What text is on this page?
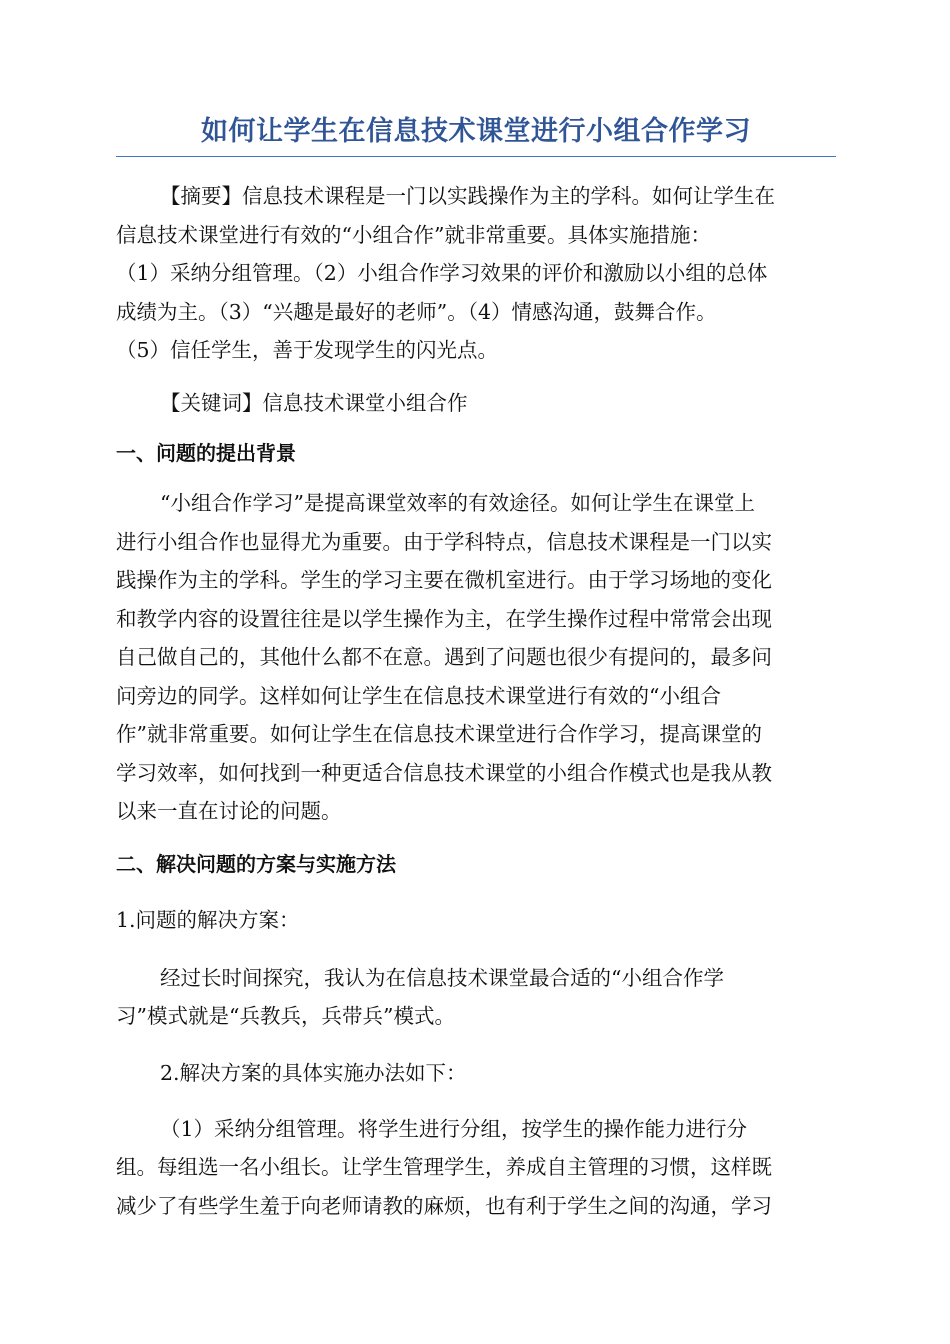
如何让学生在信息技术课堂进行小组合作学习
【摘要】信息技术课程是一门以实践操作为主的学科。如何让学生在
信息技术课堂进行有效的“小组合作”就非常重要。具体实施措施：
（1）采纳分组管理。（2）小组合作学习效果的评价和激励以小组的总体
成绩为主。（3）“兴趣是最好的老师”。（4）情感沟通，鼓舞合作。
（5）信任学生，善于发现学生的闪光点。
【关键词】信息技术课堂小组合作
一、问题的提出背景
“小组合作学习”是提高课堂效率的有效途径。如何让学生在课堂上
进行小组合作也显得尤为重要。由于学科特点，信息技术课程是一门以实
践操作为主的学科。学生的学习主要在微机室进行。由于学习场地的变化
和教学内容的设置往往是以学生操作为主，在学生操作过程中常常会出现
自己做自己的，其他什么都不在意。遇到了问题也很少有提问的，最多问
问旁边的同学。这样如何让学生在信息技术课堂进行有效的“小组合
作”就非常重要。如何让学生在信息技术课堂进行合作学习，提高课堂的
学习效率，如何找到一种更适合信息技术课堂的小组合作模式也是我从教
以来一直在讨论的问题。
二、解决问题的方案与实施方法

1.问题的解决方案：

经过长时间探究，我认为在信息技术课堂最合适的“小组合作学
习”模式就是“兵教兵，兵带兵”模式。

2.解决方案的具体实施办法如下：

（1）采纳分组管理。将学生进行分组，按学生的操作能力进行分
组。每组选一名小组长。让学生管理学生，养成自主管理的习惯，这样既
减少了有些学生羞于向老师请教的麻烦，也有利于学生之间的沟通，学习
